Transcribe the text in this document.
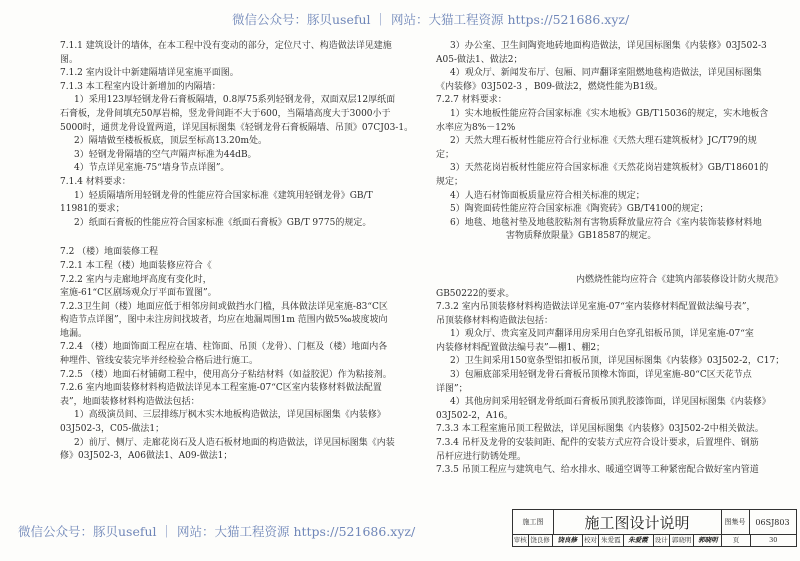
微信公众号：豚贝useful ｜ 网站：大猫工程资源 https://521686.xyz/
7.1.1 建筑设计的墙体，在本工程中没有变动的部分，定位尺寸、构造做法详见建施
图。
7.1.2 室内设计中新建隔墙详见室施平面图。
7.1.3 本工程室内设计新增加的内隔墙：
1）采用123厚轻钢龙骨石膏板隔墙，0.8厚75系列轻钢龙骨，双面双层12厚纸面
石膏板，龙骨间填充50厚岩棉，竖龙骨间距不大于600，当隔墙高度大于3000小于
5000时，通贯龙骨设置两道，详见国标图集《轻钢龙骨石膏板隔墙、吊顶》07CJ03-1。
2）隔墙做至楼板板底，顶层至标高13.20m处。
3）轻钢龙骨隔墙的空气声隔声标准为44dB。
4）节点详见室施-75“墙身节点详图”。
7.1.4 材料要求：
1）轻质隔墙所用轻钢龙骨的性能应符合国家标准《建筑用轻钢龙骨》GB/T
11981的要求；
2）纸面石膏板的性能应符合国家标准《纸面石膏板》GB/T 9775的规定。
7.2 （楼）地面装修工程
7.2.1 本工程（楼）地面装修应符合《
7.2.2 室内与走廊地坪高度有变化时，
室施-61“C区剧场观众厅平面布置图”。
7.2.3卫生间（楼）地面应低于相邻房间或做挡水门槛，具体做法详见室施-83“C区
构造节点详图”，图中未注房间找坡者，均应在地漏周围1m 范围内做5‰坡度坡向
地漏。
7.2.4 （楼）地面饰面工程应在墙、柱饰面、吊顶（龙骨）、门框及（楼）地面内各
种埋件、管线安装完毕并经检验合格后进行施工。
7.2.5 （楼）地面石材铺砌工程中，使用高分子粘结材料（如益胶泥）作为粘接剂。
7.2.6 室内地面装修材料构造做法详见本工程室施-07“C区室内装修材料做法配置
表”，地面装修材料构造做法包括：
1）高级演员间、三层排练厅枫木实木地板构造做法，详见国标图集《内装修》
03J502-3，C05-做法1；
2）前厅、侧厅、走廊花岗石及人造石板材地面的构造做法，详见国标图集《内装
修》03J502-3，A06做法1、A09-做法1；
3）办公室、卫生间陶瓷地砖地面构造做法，详见国标图集《内装修》03J502-3
A05-做法1、做法2；
4）观众厅、新闻发布厅、包厢、同声翻译室阻燃地毯构造做法，详见国标图集
《内装修》03J502-3 ，B09-做法2，燃烧性能为B1级。
7.2.7 材料要求：
1）实木地板性能应符合国家标准《实木地板》GB/T15036的规定，实木地板含
水率应为8%－12%
2）天然大理石板材性能应符合行业标准《天然大理石建筑板材》JC/T79的规
定；
3）天然花岗岩板材性能应符合国家标准《天然花岗岩建筑板材》GB/T18601的
规定；
4）人造石材饰面板质量应符合相关标准的规定；
5）陶瓷面砖性能应符合国家标准《陶瓷砖》GB/T4100的规定；
6）地毯、地毯衬垫及地毯胶粘剂有害物质释放量应符合《室内装饰装修材料地
害物质释放限量》GB18587的规定。
内燃烧性能均应符合《建筑内部装修设计防火规范》
GB50222的要求。
7.3.2 室内吊顶装修材料构造做法详见室施-07“室内装修材料配置做法编号表”，
吊顶装修材料构造做法包括：
1）观众厅、贵宾室及同声翻译用房采用白色穿孔铝板吊顶，详见室施-07“室
内装修材料配置做法编号表”—棚1、棚2；
2）卫生间采用150宽条型铝扣板吊顶，详见国标图集《内装修》03J502-2，C17；
3）包厢底部采用轻钢龙骨石膏板吊顶橡木饰面，详见室施-80“C区天花节点
详图”；
4）其他房间采用轻钢龙骨纸面石膏板吊顶乳胶漆饰面，详见国标图集《内装修》
03J502-2，A16。
7.3.3 本工程室施吊顶工程做法，详见国标图集《内装修》03J502-2中相关做法。
7.3.4 吊杆及龙骨的安装间距、配件的安装方式应符合设计要求，后置埋件、钢筋
吊杆应进行防锈处理。
7.3.5 吊顶工程应与建筑电气、给水排水、暖通空调等工种紧密配合做好室内管道
微信公众号：豚贝useful ｜ 网站：大猫工程资源 https://521686.xyz/
施工图	施工图设计说明	图集号	06SJ803
审核 饶良修	饶良修	校对 朱爱霞	朱爱霞	设计 郭晓明	郭晓明	页	30
